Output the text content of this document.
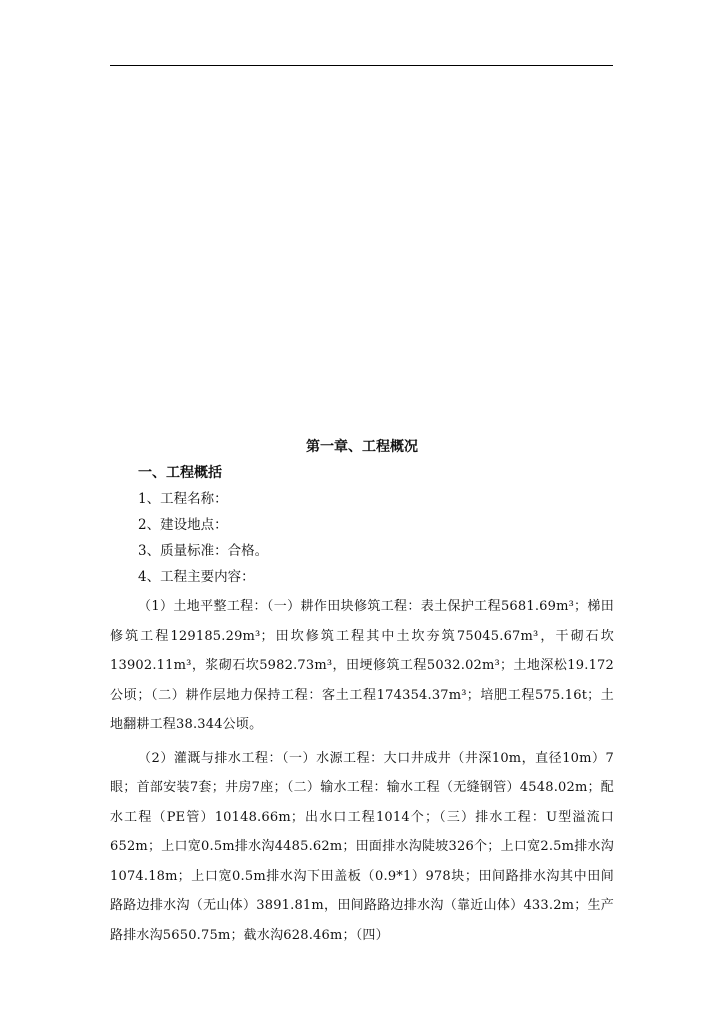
第一章、工程概况
一、工程概括
1、工程名称：
2、建设地点：
3、质量标准：合格。
4、工程主要内容：

（1）土地平整工程：（一）耕作田块修筑工程：表土保护工程5681.69m³；梯田修筑工程129185.29m³；田坎修筑工程其中土坎夯筑75045.67m³，干砌石坎13902.11m³，浆砌石坎5982.73m³，田埂修筑工程5032.02m³；土地深松19.172公顷；（二）耕作层地力保持工程：客土工程174354.37m³；培肥工程575.16t；土地翻耕工程38.344公顷。

（2）灌溉与排水工程：（一）水源工程：大口井成井（井深10m，直径10m）7眼；首部安装7套；井房7座；（二）输水工程：输水工程（无缝钢管）4548.02m；配水工程（PE管）10148.66m；出水口工程1014个；（三）排水工程：U型溢流口652m；上口宽0.5m排水沟4485.62m；田面排水沟陡坡326个；上口宽2.5m排水沟1074.18m；上口宽0.5m排水沟下田盖板（0.9*1）978块；田间路排水沟其中田间路路边排水沟（无山体）3891.81m，田间路路边排水沟（靠近山体）433.2m；生产路排水沟5650.75m；截水沟628.46m；（四）
